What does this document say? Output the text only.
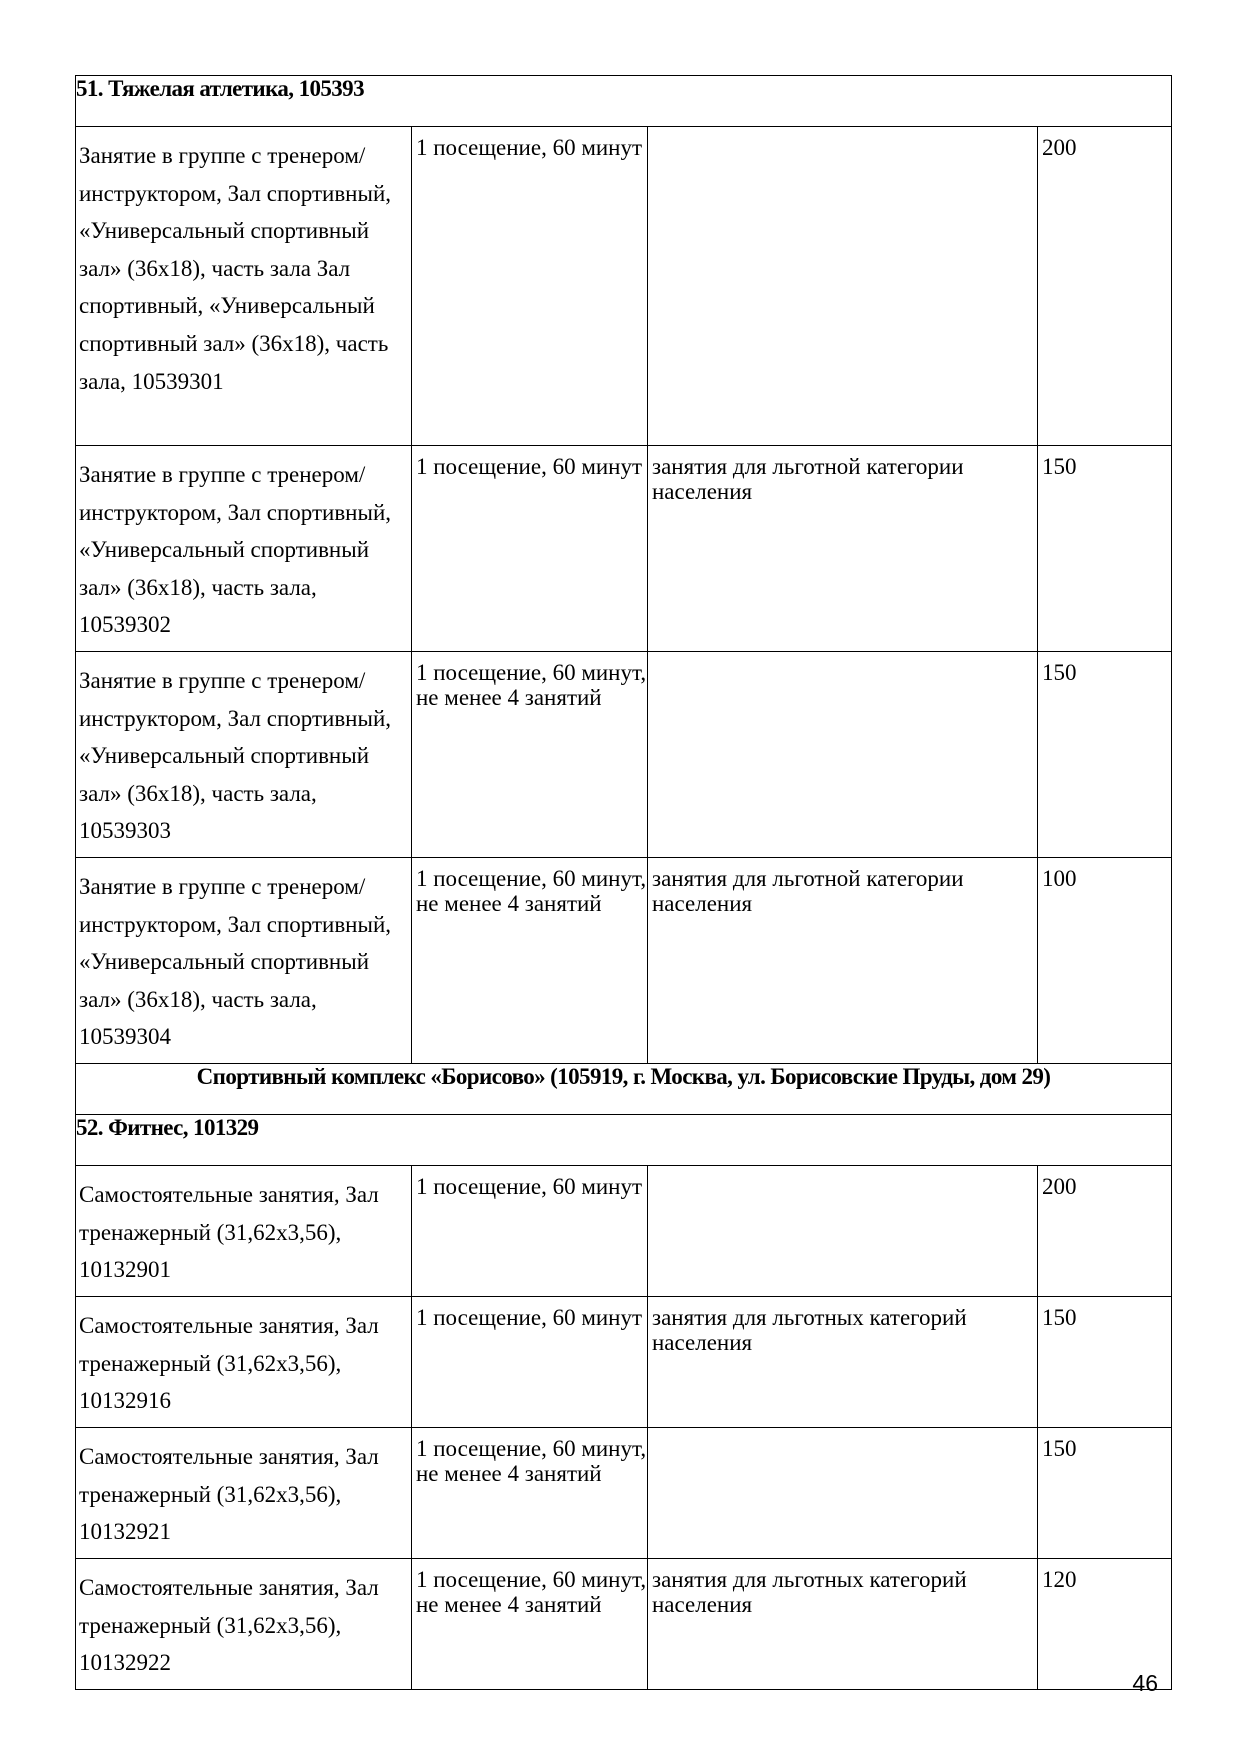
51. Тяжелая атлетика, 105393			
Занятие в группе с тренером/инструктором, Зал спортивный, «Универсальный спортивный зал» (36х18), часть зала Зал спортивный, «Универсальный спортивный зал» (36х18), часть зала, 10539301	1 посещение, 60 минут		200
Занятие в группе с тренером/инструктором, Зал спортивный, «Универсальный спортивный зал» (36х18), часть зала, 10539302	1 посещение, 60 минут	занятия для льготной категории населения	150
Занятие в группе с тренером/инструктором, Зал спортивный, «Универсальный спортивный зал» (36х18), часть зала, 10539303	1 посещение, 60 минут, не менее 4 занятий		150
Занятие в группе с тренером/инструктором, Зал спортивный, «Универсальный спортивный зал» (36х18), часть зала, 10539304	1 посещение, 60 минут, не менее 4 занятий	занятия для льготной категории населения	100
Спортивный комплекс «Борисово» (105919, г. Москва, ул. Борисовские Пруды, дом 29)			
52. Фитнес, 101329			
Самостоятельные занятия, Зал тренажерный (31,62х3,56), 10132901	1 посещение, 60 минут		200
Самостоятельные занятия, Зал тренажерный (31,62х3,56), 10132916	1 посещение, 60 минут	занятия для льготных категорий населения	150
Самостоятельные занятия, Зал тренажерный (31,62х3,56), 10132921	1 посещение, 60 минут, не менее 4 занятий		150
Самостоятельные занятия, Зал тренажерный (31,62х3,56), 10132922	1 посещение, 60 минут, не менее 4 занятий	занятия для льготных категорий населения	120
46
